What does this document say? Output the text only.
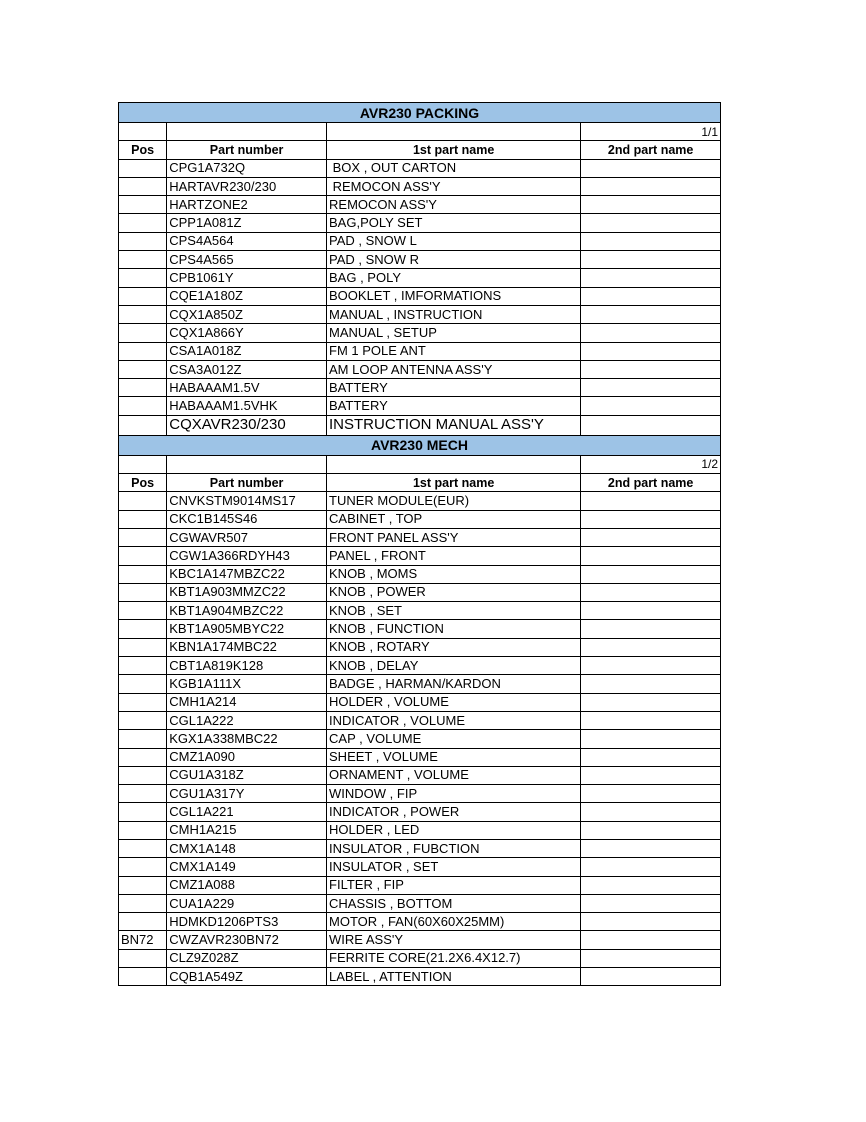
AVR230 PACKING			
			1/1
Pos	Part number	1st part name	2nd part name
	CPG1A732Q	BOX , OUT CARTON	
	HARTAVR230/230	REMOCON ASS'Y	
	HARTZONE2	REMOCON ASS'Y	
	CPP1A081Z	BAG,POLY SET	
	CPS4A564	PAD , SNOW L	
	CPS4A565	PAD , SNOW R	
	CPB1061Y	BAG , POLY	
	CQE1A180Z	BOOKLET , IMFORMATIONS	
	CQX1A850Z	MANUAL , INSTRUCTION	
	CQX1A866Y	MANUAL , SETUP	
	CSA1A018Z	FM 1 POLE ANT	
	CSA3A012Z	AM LOOP ANTENNA ASS'Y	
	HABAAAM1.5V	BATTERY	
	HABAAAM1.5VHK	BATTERY	
	CQXAVR230/230	INSTRUCTION MANUAL ASS'Y	
AVR230 MECH			
			1/2
Pos	Part number	1st part name	2nd part name
	CNVKSTM9014MS17	TUNER MODULE(EUR)	
	CKC1B145S46	CABINET , TOP	
	CGWAVR507	FRONT PANEL ASS'Y	
	CGW1A366RDYH43	PANEL , FRONT	
	KBC1A147MBZC22	KNOB , MOMS	
	KBT1A903MMZC22	KNOB , POWER	
	KBT1A904MBZC22	KNOB , SET	
	KBT1A905MBYC22	KNOB , FUNCTION	
	KBN1A174MBC22	KNOB , ROTARY	
	CBT1A819K128	KNOB , DELAY	
	KGB1A111X	BADGE , HARMAN/KARDON	
	CMH1A214	HOLDER , VOLUME	
	CGL1A222	INDICATOR , VOLUME	
	KGX1A338MBC22	CAP , VOLUME	
	CMZ1A090	SHEET , VOLUME	
	CGU1A318Z	ORNAMENT , VOLUME	
	CGU1A317Y	WINDOW , FIP	
	CGL1A221	INDICATOR , POWER	
	CMH1A215	HOLDER , LED	
	CMX1A148	INSULATOR , FUBCTION	
	CMX1A149	INSULATOR , SET	
	CMZ1A088	FILTER , FIP	
	CUA1A229	CHASSIS , BOTTOM	
	HDMKD1206PTS3	MOTOR , FAN(60X60X25MM)	
BN72	CWZAVR230BN72	WIRE ASS'Y	
	CLZ9Z028Z	FERRITE CORE(21.2X6.4X12.7)	
	CQB1A549Z	LABEL , ATTENTION	
